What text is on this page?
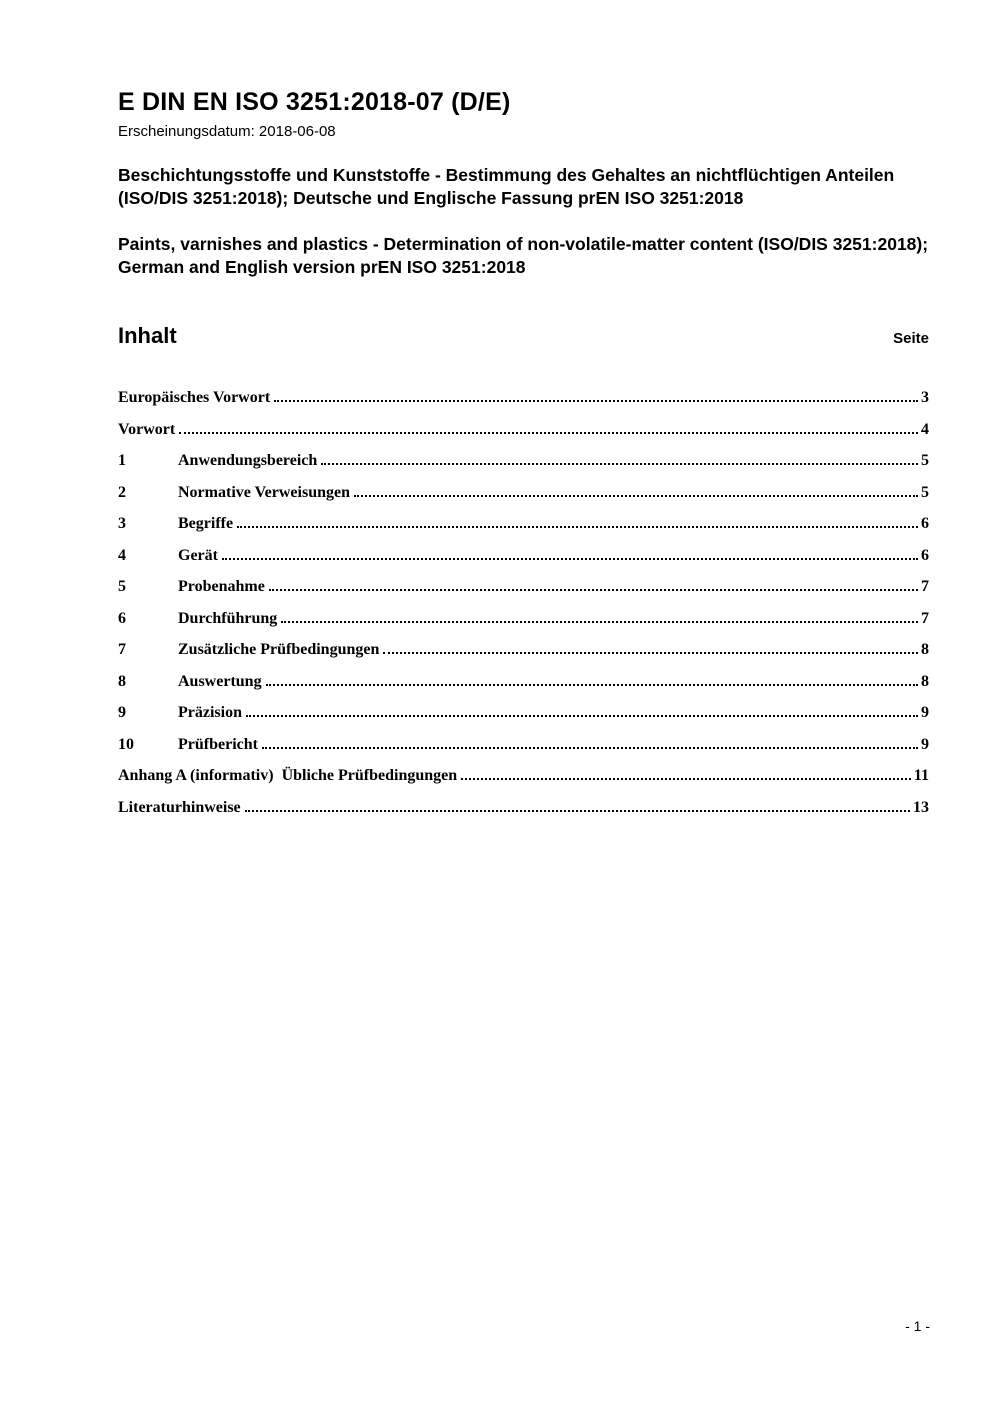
E DIN EN ISO 3251:2018-07 (D/E)
Erscheinungsdatum: 2018-06-08
Beschichtungsstoffe und Kunststoffe - Bestimmung des Gehaltes an nichtflüchtigen Anteilen (ISO/DIS 3251:2018); Deutsche und Englische Fassung prEN ISO 3251:2018
Paints, varnishes and plastics - Determination of non-volatile-matter content (ISO/DIS 3251:2018); German and English version prEN ISO 3251:2018
Inhalt	Seite
Europäisches Vorwort	3
Vorwort	4
1	Anwendungsbereich	5
2	Normative Verweisungen	5
3	Begriffe	6
4	Gerät	6
5	Probenahme	7
6	Durchführung	7
7	Zusätzliche Prüfbedingungen	8
8	Auswertung	8
9	Präzision	9
10	Prüfbericht	9
Anhang A (informativ)  Übliche Prüfbedingungen	11
Literaturhinweise	13
- 1 -
